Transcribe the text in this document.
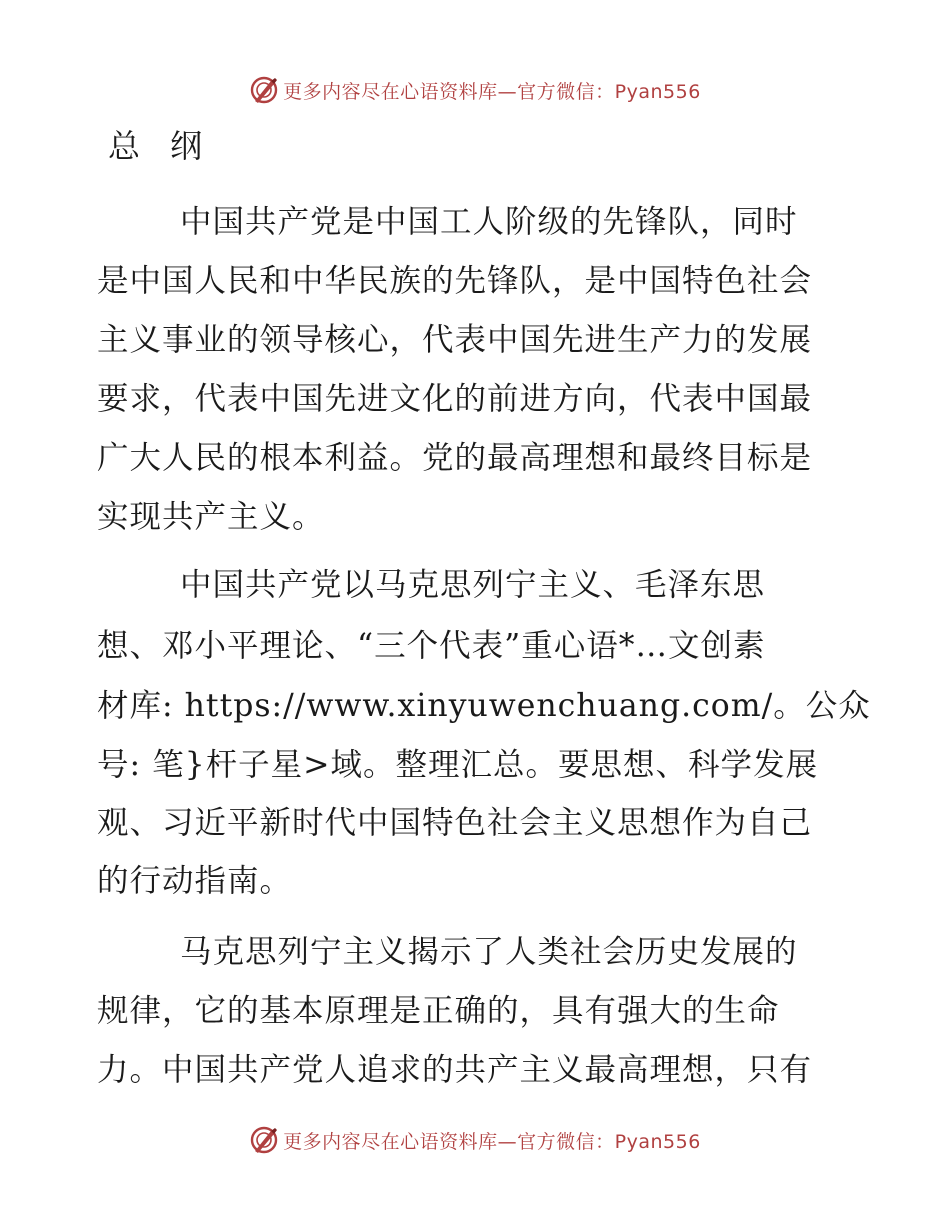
更多内容尽在心语资料库—官方微信：Pyan556
总 纲
中国共产党是中国工人阶级的先锋队，同时
是中国人民和中华民族的先锋队，是中国特色社会
主义事业的领导核心，代表中国先进生产力的发展
要求，代表中国先进文化的前进方向，代表中国最
广大人民的根本利益。党的最高理想和最终目标是
实现共产主义。
中国共产党以马克思列宁主义、毛泽东思
想、邓小平理论、“三个代表”重心语*…文创素
材库: https://www.xinyuwenchuang.com/。公众
号: 笔}杆子星>域。整理汇总。要思想、科学发展
观、习近平新时代中国特色社会主义思想作为自己
的行动指南。
马克思列宁主义揭示了人类社会历史发展的
规律，它的基本原理是正确的，具有强大的生命
力。中国共产党人追求的共产主义最高理想，只有
更多内容尽在心语资料库—官方微信：Pyan556
